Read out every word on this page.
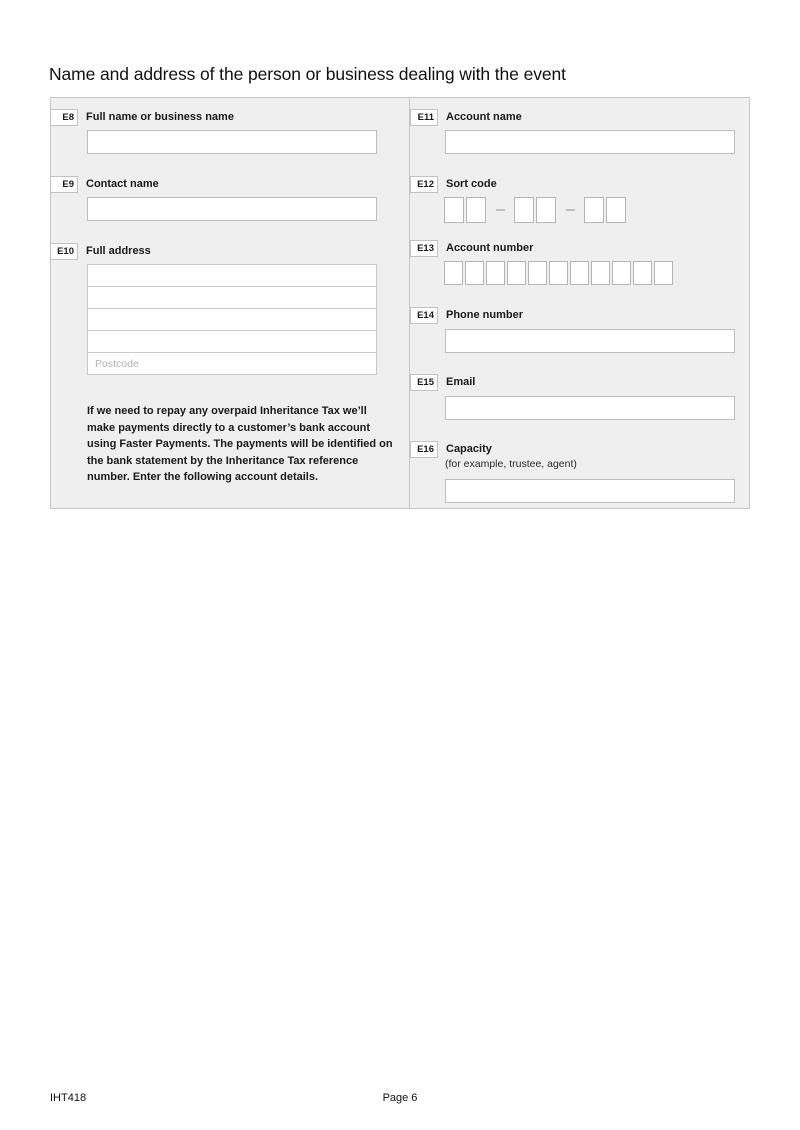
Name and address of the person or business dealing with the event
E8	Full name or business name
E9	Contact name
E10	Full address
Postcode

If we need to repay any overpaid Inheritance Tax we’ll make payments directly to a customer’s bank account using Faster Payments. The payments will be identified on the bank statement by the Inheritance Tax reference number. Enter the following account details.

E11	Account name
E12	Sort code
E13	Account number
E14	Phone number
E15	Email
E16	Capacity
(for example, trustee, agent)
IHT418	Page 6
